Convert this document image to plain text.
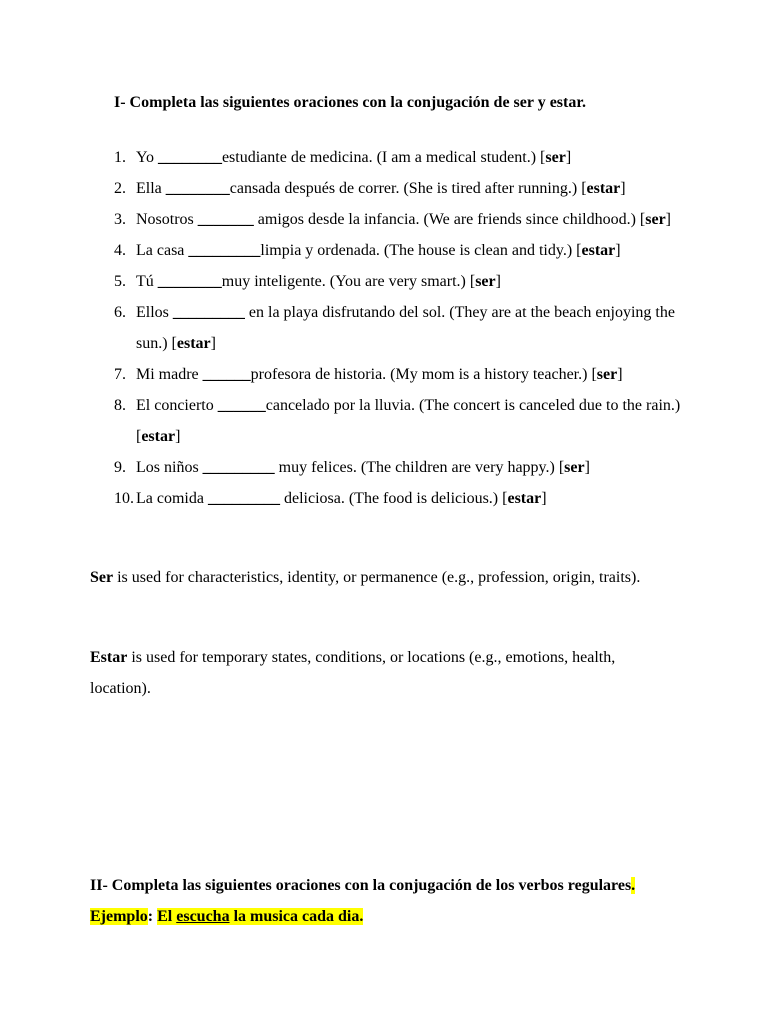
I- Completa las siguientes oraciones con la conjugación de ser y estar.
1. Yo ________estudiante de medicina. (I am a medical student.) [ser]
2. Ella ________cansada después de correr. (She is tired after running.) [estar]
3. Nosotros _______ amigos desde la infancia. (We are friends since childhood.) [ser]
4. La casa _________limpia y ordenada. (The house is clean and tidy.) [estar]
5. Tú ________muy inteligente. (You are very smart.) [ser]
6. Ellos _________ en la playa disfrutando del sol. (They are at the beach enjoying the sun.) [estar]
7. Mi madre ______profesora de historia. (My mom is a history teacher.) [ser]
8. El concierto ______cancelado por la lluvia. (The concert is canceled due to the rain.) [estar]
9. Los niños _________ muy felices. (The children are very happy.) [ser]
10. La comida _________ deliciosa. (The food is delicious.) [estar]
Ser is used for characteristics, identity, or permanence (e.g., profession, origin, traits).
Estar is used for temporary states, conditions, or locations (e.g., emotions, health, location).
II- Completa las siguientes oraciones con la conjugación de los verbos regulares. Ejemplo: El escucha la musica cada dia.
